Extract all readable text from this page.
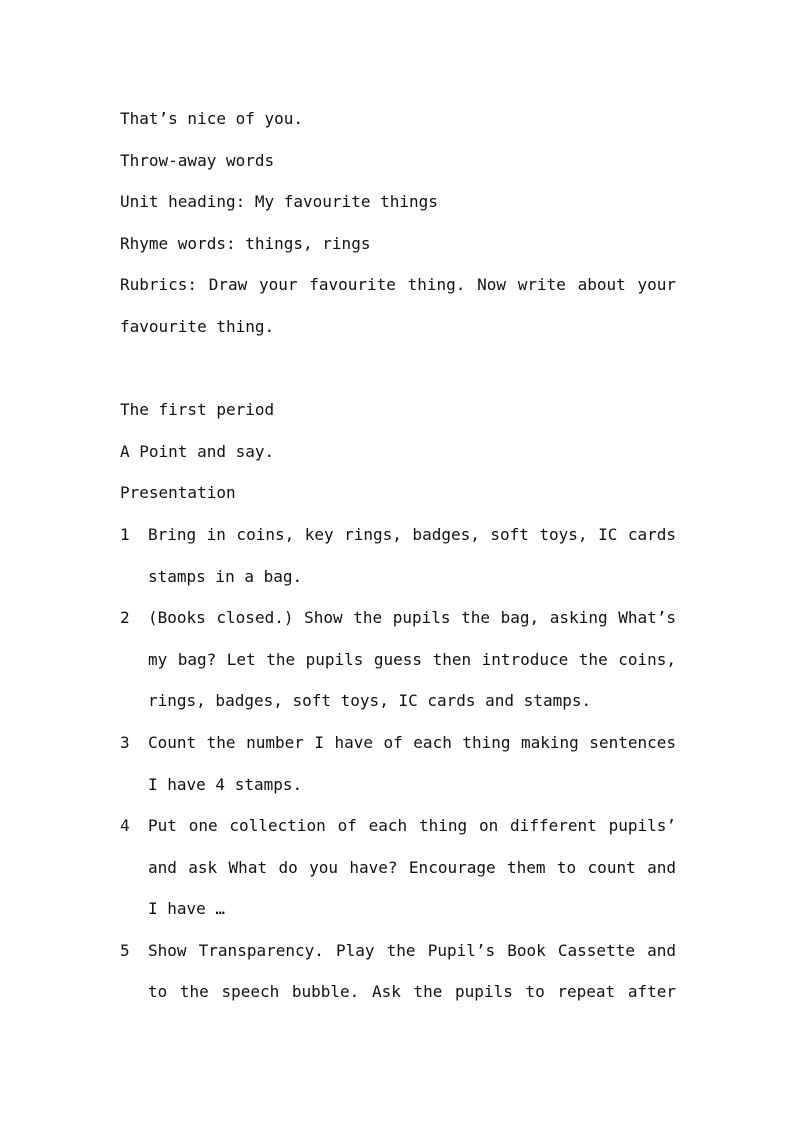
That’s nice of you.

Throw-away words

Unit heading: My favourite things

Rhyme words: things, rings

Rubrics: Draw your favourite thing. Now write about your

favourite thing.

The first period

A Point and say.

Presentation

1	Bring in coins, key rings, badges, soft toys, IC cards

stamps in a bag.

2	(Books closed.) Show the pupils the bag, asking What’s

my bag? Let the pupils guess then introduce the coins,

rings, badges, soft toys, IC cards and stamps.

3	Count the number I have of each thing making sentences

I have 4 stamps.

4	Put one collection of each thing on different pupils’

and ask What do you have? Encourage them to count and

I have …

5	Show Transparency. Play the Pupil’s Book Cassette and

to the speech bubble. Ask the pupils to repeat after
